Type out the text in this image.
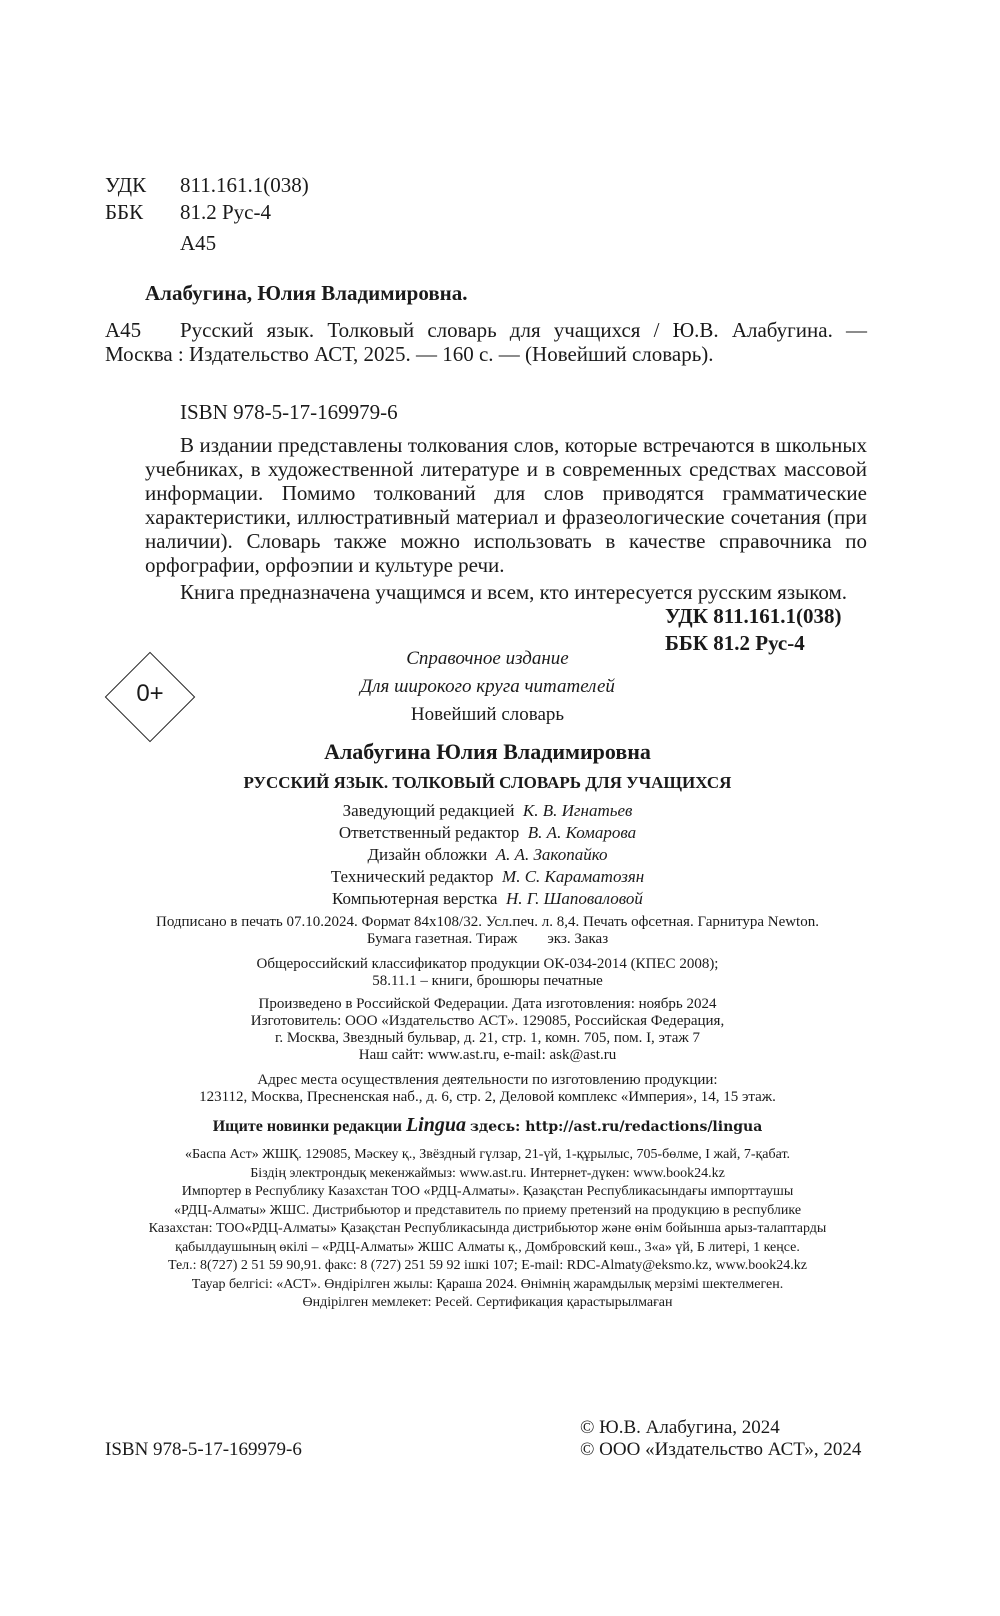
УДК 811.161.1(038)
ББК 81.2 Рус-4
А45
Алабугина, Юлия Владимировна.
А45	Русский язык. Толковый словарь для учащихся / Ю.В. Алабугина. — Москва : Издательство АСТ, 2025. — 160 с. — (Новейший словарь).
ISBN 978-5-17-169979-6
В издании представлены толкования слов, которые встречаются в школьных учебниках, в художественной литературе и в современных средствах массовой информации. Помимо толкований для слов приводятся грамматические характеристики, иллюстративный материал и фразеологические сочетания (при наличии). Словарь также можно использовать в качестве справочника по орфографии, орфоэпии и культуре речи.
Книга предназначена учащимся и всем, кто интересуется русским языком.
УДК 811.161.1(038)
ББК 81.2 Рус-4
0+
Справочное издание
Для широкого круга читателей
Новейший словарь
Алабугина Юлия Владимировна
РУССКИЙ ЯЗЫК. ТОЛКОВЫЙ СЛОВАРЬ ДЛЯ УЧАЩИХСЯ
Заведующий редакцией К. В. Игнатьев
Ответственный редактор В. А. Комарова
Дизайн обложки А. А. Закопайко
Технический редактор М. С. Караматозян
Компьютерная верстка Н. Г. Шаповаловой
Подписано в печать 07.10.2024. Формат 84x108/32. Усл.печ. л. 8,4. Печать офсетная. Гарнитура Newton.
Бумага газетная. Тираж        экз. Заказ
Общероссийский классификатор продукции ОК-034-2014 (КПЕС 2008);
58.11.1 – книги, брошюры печатные
Произведено в Российской Федерации. Дата изготовления: ноябрь 2024
Изготовитель: ООО «Издательство АСТ». 129085, Российская Федерация,
г. Москва, Звездный бульвар, д. 21, стр. 1, комн. 705, пом. I, этаж 7
Наш сайт: www.ast.ru, e-mail: ask@ast.ru
Адрес места осуществления деятельности по изготовлению продукции:
123112, Москва, Пресненская наб., д. 6, стр. 2, Деловой комплекс «Империя», 14, 15 этаж.
Ищите новинки редакции Lingua здесь: http://ast.ru/redactions/lingua
«Баспа Аст» ЖШҚ. 129085, Мәскеу қ., Звёздный гүлзар, 21-үй, 1-құрылыс, 705-бөлме, I жай, 7-қабат.
Біздің электрондық мекенжаймыз: www.ast.ru. Интернет-дүкен: www.book24.kz
Импортер в Республику Казахстан ТОО «РДЦ-Алматы». Қазақстан Республикасындағы импорттаушы
«РДЦ-Алматы» ЖШС. Дистрибьютор и представитель по приему претензий на продукцию в республике
Казахстан: ТОО«РДЦ-Алматы» Қазақстан Республикасында дистрибьютор және өнім бойынша арыз-талаптарды
қабылдаушының өкілі – «РДЦ-Алматы» ЖШС Алматы қ., Домбровский көш., 3«а» үй, Б литері, 1 кеңсе.
Тел.: 8(727) 2 51 59 90,91. факс: 8 (727) 251 59 92 ішкі 107; E-mail: RDC-Almaty@eksmo.kz, www.book24.kz
Тауар белгісі: «АСТ». Өндірілген жылы: Қараша 2024. Өнімнің жарамдылық мерзімі шектелмеген.
Өндірілген мемлекет: Ресей. Сертификация қарастырылмаған
© Ю.В. Алабугина, 2024
© ООО «Издательство АСТ», 2024
ISBN 978-5-17-169979-6
